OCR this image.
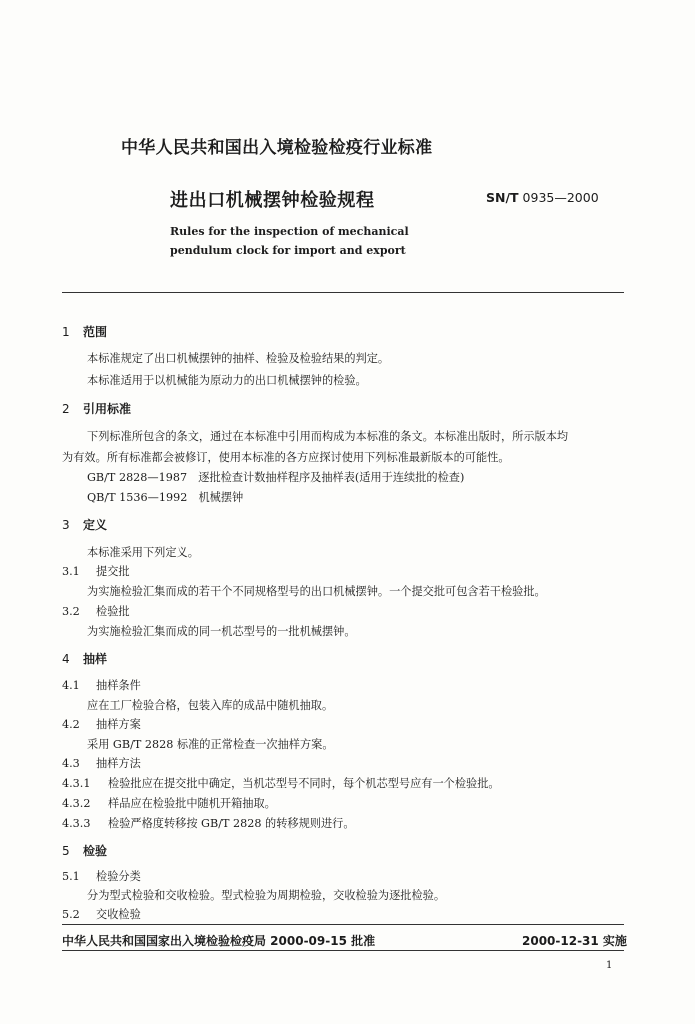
中华人民共和国出入境检验检疫行业标准
进出口机械摆钟检验规程	SN/T 0935—2000
Rules for the inspection of mechanical
pendulum clock for import and export
1 范围
本标准规定了出口机械摆钟的抽样、检验及检验结果的判定。
本标准适用于以机械能为原动力的出口机械摆钟的检验。
2 引用标准
下列标准所包含的条文，通过在本标准中引用而构成为本标准的条文。本标准出版时，所示版本均
为有效。所有标准都会被修订，使用本标准的各方应探讨使用下列标准最新版本的可能性。
GB/T 2828—1987　逐批检查计数抽样程序及抽样表(适用于连续批的检查)
QB/T 1536—1992　机械摆钟
3 定义
本标准采用下列定义。
3.1 提交批
为实施检验汇集而成的若干个不同规格型号的出口机械摆钟。一个提交批可包含若干检验批。
3.2 检验批
为实施检验汇集而成的同一机芯型号的一批机械摆钟。
4 抽样
4.1 抽样条件
应在工厂检验合格，包装入库的成品中随机抽取。
4.2 抽样方案
采用 GB/T 2828 标准的正常检查一次抽样方案。
4.3 抽样方法
4.3.1 检验批应在提交批中确定，当机芯型号不同时，每个机芯型号应有一个检验批。
4.3.2 样品应在检验批中随机开箱抽取。
4.3.3 检验严格度转移按 GB/T 2828 的转移规则进行。
5 检验
5.1 检验分类
分为型式检验和交收检验。型式检验为周期检验，交收检验为逐批检验。
5.2 交收检验
中华人民共和国国家出入境检验检疫局 2000-09-15 批准	2000-12-31 实施
1
